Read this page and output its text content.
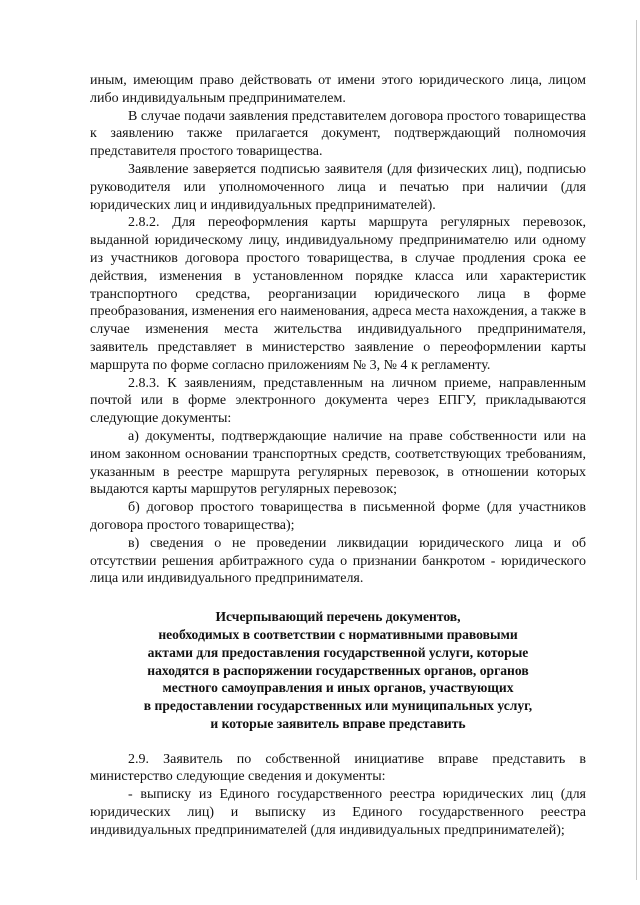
иным, имеющим право действовать от имени этого юридического лица, лицом либо индивидуальным предпринимателем.

В случае подачи заявления представителем договора простого товарищества к заявлению также прилагается документ, подтверждающий полномочия представителя простого товарищества.

Заявление заверяется подписью заявителя (для физических лиц), подписью руководителя или уполномоченного лица и печатью при наличии (для юридических лиц и индивидуальных предпринимателей).

2.8.2. Для переоформления карты маршрута регулярных перевозок, выданной юридическому лицу, индивидуальному предпринимателю или одному из участников договора простого товарищества, в случае продления срока ее действия, изменения в установленном порядке класса или характеристик транспортного средства, реорганизации юридического лица в форме преобразования, изменения его наименования, адреса места нахождения, а также в случае изменения места жительства индивидуального предпринимателя, заявитель представляет в министерство заявление о переоформлении карты маршрута по форме согласно приложениям № 3, № 4 к регламенту.

2.8.3. К заявлениям, представленным на личном приеме, направленным почтой или в форме электронного документа через ЕПГУ, прикладываются следующие документы:

а) документы, подтверждающие наличие на праве собственности или на ином законном основании транспортных средств, соответствующих требованиям, указанным в реестре маршрута регулярных перевозок, в отношении которых выдаются карты маршрутов регулярных перевозок;

б) договор простого товарищества в письменной форме (для участников договора простого товарищества);

в) сведения о не проведении ликвидации юридического лица и об отсутствии решения арбитражного суда о признании банкротом - юридического лица или индивидуального предпринимателя.

Исчерпывающий перечень документов,
необходимых в соответствии с нормативными правовыми
актами для предоставления государственной услуги, которые
находятся в распоряжении государственных органов, органов
местного самоуправления и иных органов, участвующих
в предоставлении государственных или муниципальных услуг,
и которые заявитель вправе представить

2.9. Заявитель по собственной инициативе вправе представить в министерство следующие сведения и документы:

- выписку из Единого государственного реестра юридических лиц (для юридических лиц) и выписку из Единого государственного реестра индивидуальных предпринимателей (для индивидуальных предпринимателей);
